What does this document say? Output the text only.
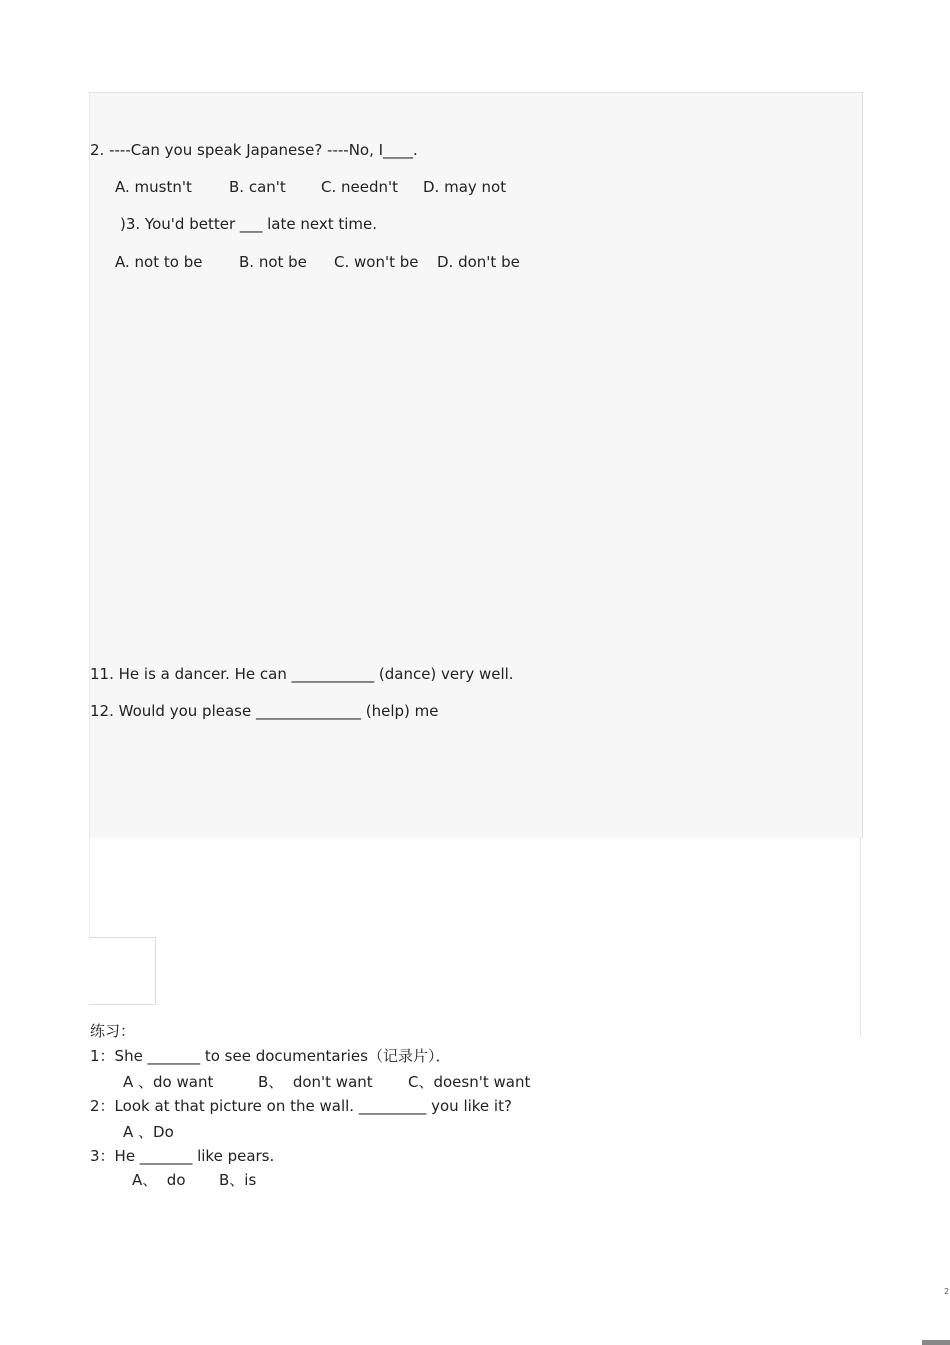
2. ----Can you speak Japanese? ----No, I____.
A. mustn't B. can't C. needn't D. may not
)3. You'd better ___ late next time.
A. not to be B. not be C. won't be D. don't be
11. He is a dancer. He can ___________ (dance) very well.
12. Would you please ______________ (help) me
练习：
1：She _______ to see documentaries（记录片）．
A 、do want	B、  don't want C、doesn't want
2：Look at that picture on the wall. _________ you like it?
A 、Do
3：He _______ like pears.
A、  do B、is
2
